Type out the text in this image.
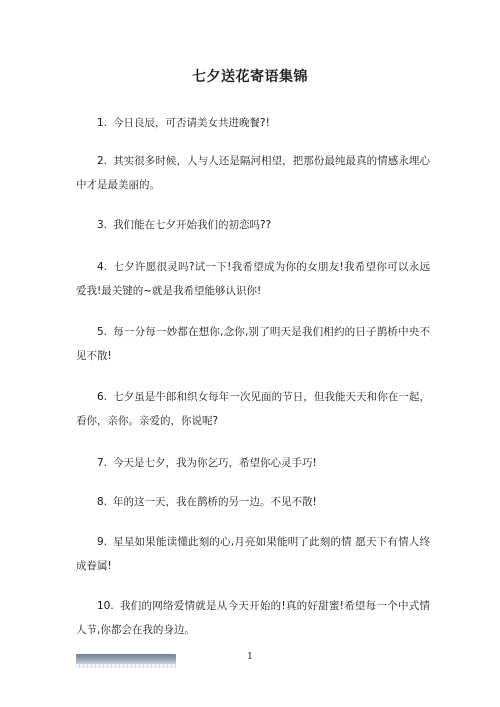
七夕送花寄语集锦

1. 今日良辰，可否请美女共进晚餐?!

2. 其实很多时候，人与人还是隔河相望，把那份最纯最真的情感永埋心中才是最美丽的。

3. 我们能在七夕开始我们的初恋吗??

4. 七夕许愿很灵吗?试一下!我希望成为你的女朋友!我希望你可以永远爱我!最关键的~就是我希望能够认识你!

5. 每一分每一妙都在想你,念你,别了明天是我们相约的日子鹊桥中央不见不散!

6. 七夕虽是牛郎和织女每年一次见面的节日，但我能天天和你在一起，看你，亲你。亲爱的，你说呢?

7. 今天是七夕，我为你乞巧，希望你心灵手巧!

8. 年的这一天，我在鹊桥的另一边。不见不散!

9. 星星如果能读懂此刻的心,月亮如果能明了此刻的情 愿天下有情人终成眷属!

10. 我们的网络爱情就是从今天开始的!真的好甜蜜!希望每一个中式情人节,你都会在我的身边。

1
